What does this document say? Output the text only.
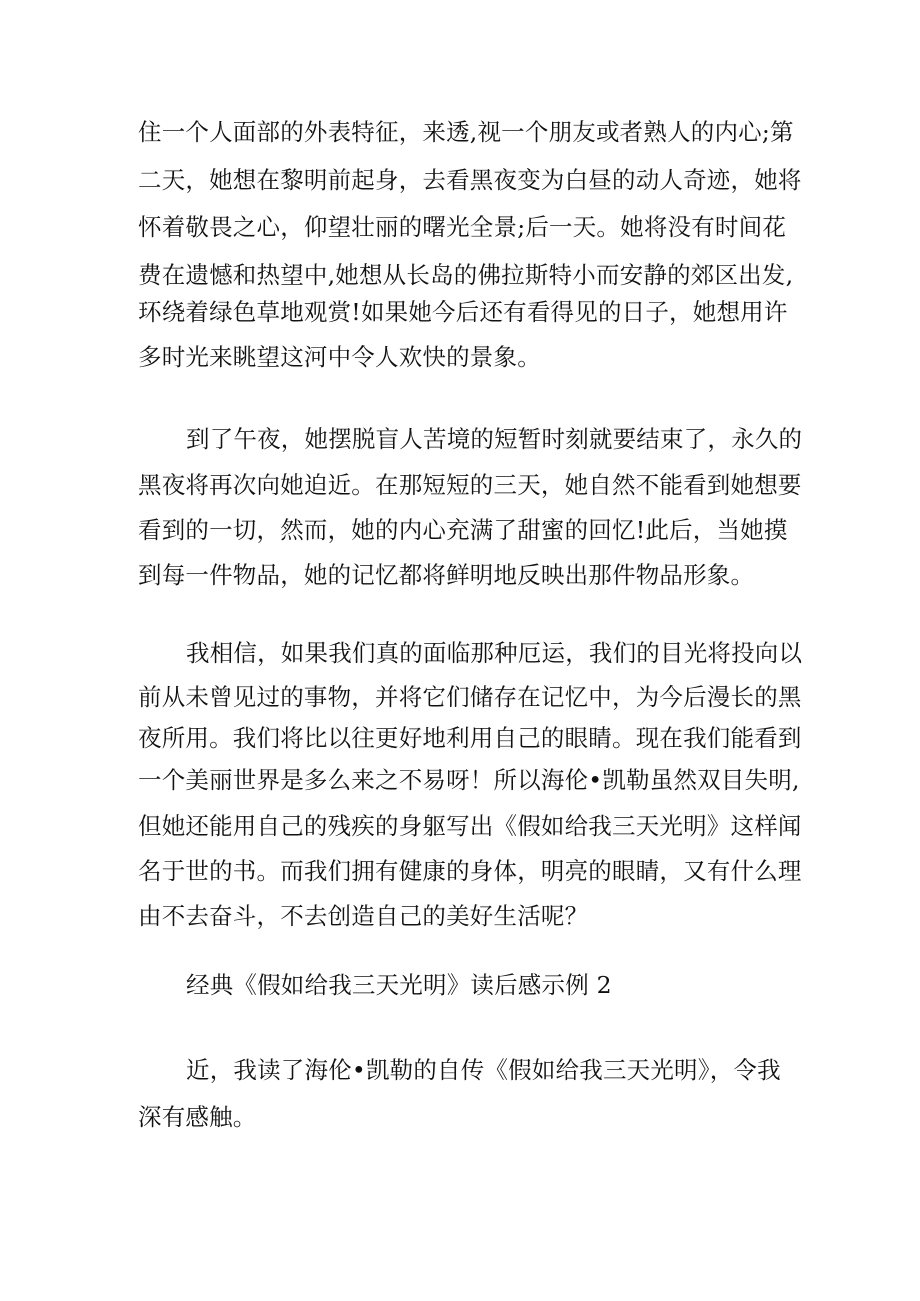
住一个人面部的外表特征，来透,视一个朋友或者熟人的内心;第

二天，她想在黎明前起身，去看黑夜变为白昼的动人奇迹，她将

怀着敬畏之心，仰望壮丽的曙光全景;后一天。她将没有时间花

费在遗憾和热望中,她想从长岛的佛拉斯特小而安静的郊区出发,

环绕着绿色草地观赏!如果她今后还有看得见的日子，她想用许

多时光来眺望这河中令人欢快的景象。

到了午夜，她摆脱盲人苦境的短暂时刻就要结束了，永久的

黑夜将再次向她迫近。在那短短的三天，她自然不能看到她想要

看到的一切，然而，她的内心充满了甜蜜的回忆!此后，当她摸

到每一件物品，她的记忆都将鲜明地反映出那件物品形象。

我相信，如果我们真的面临那种厄运，我们的目光将投向以

前从未曾见过的事物，并将它们储存在记忆中，为今后漫长的黑

夜所用。我们将比以往更好地利用自己的眼睛。现在我们能看到

一个美丽世界是多么来之不易呀！所以海伦•凯勒虽然双目失明,

但她还能用自己的残疾的身躯写出《假如给我三天光明》这样闻

名于世的书。而我们拥有健康的身体，明亮的眼睛，又有什么理

由不去奋斗，不去创造自己的美好生活呢？

经典《假如给我三天光明》读后感示例 2

近，我读了海伦•凯勒的自传《假如给我三天光明》，令我

深有感触。
